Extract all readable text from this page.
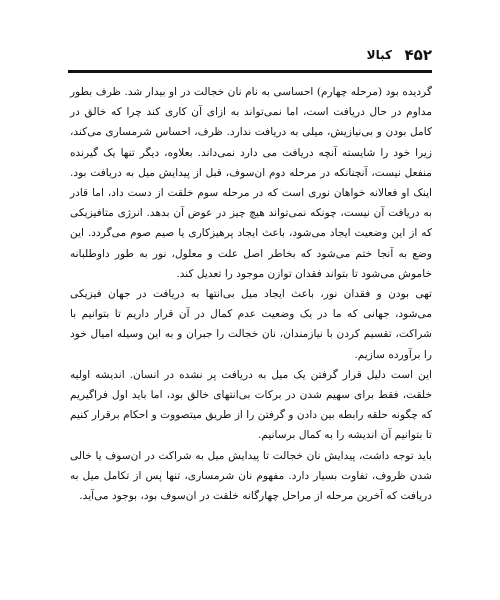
۴۵۲
کبالا

گردیده بود (مرحله چهارم) احساسی به نام نان خجالت در او بیدار شد. ظرف بطور مداوم در حال دریافت است، اما نمی‌تواند به ازای آن کاری کند چرا که خالق در کامل بودن و بی‌نیازیش، میلی به دریافت ندارد. ظرف، احساس شرمساری می‌کند، زیرا خود را شایسته آنچه دریافت می دارد نمی‌داند. بعلاوه، دیگر تنها یک گیرنده منفعل نیست، آنچنانکه در مرحله دوم ان‌سوف، قبل از پیدایش میل به دریافت بود. اینک او فعالانه خواهان نوری است که در مرحله سوم خلقت از دست داد، اما قادر به دریافت آن نیست، چونکه نمی‌تواند هیچ چیز در عوض آن بدهد. انرژی متافیزیکی که از این وضعیت ایجاد می‌شود، باعث ایجاد پرهیزکاری یا صیم صوم می‌گردد. این وضع به آنجا ختم می‌شود که بخاطر اصل علت و معلول، نور به طور داوطلبانه خاموش می‌شود تا بتواند فقدان توازن موجود را تعدیل کند.

تهی بودن و فقدان نور، باعث ایجاد میل بی‌انتها به دریافت در جهان فیزیکی می‌شود، جهانی که ما در یک وضعیت عدم کمال در آن قرار داریم تا بتوانیم با شراکت، تقسیم کردن با نیازمندان، نان خجالت را جبران و به این وسیله امیال خود را برآورده سازیم.

این است دلیل قرار گرفتن یک میل به دریافت پر نشده در انسان. اندیشه اولیه خلقت، فقط برای سهیم شدن در برکات بی‌انتهای خالق بود، اما باید اول فراگیریم که چگونه حلقه رابطه بین دادن و گرفتن را از طریق میتصووت و احکام برقرار کنیم تا بتوانیم آن اندیشه را به کمال برسانیم.

باید توجه داشت، پیدایش نان خجالت تا پیدایش میل به شراکت در ان‌سوف یا خالی شدن ظروف، تفاوت بسیار دارد. مفهوم نان شرمساری، تنها پس از تکامل میل به دریافت که آخرین مرحله از مراحل چهارگانه خلقت در ان‌سوف بود، بوجود می‌آید.
